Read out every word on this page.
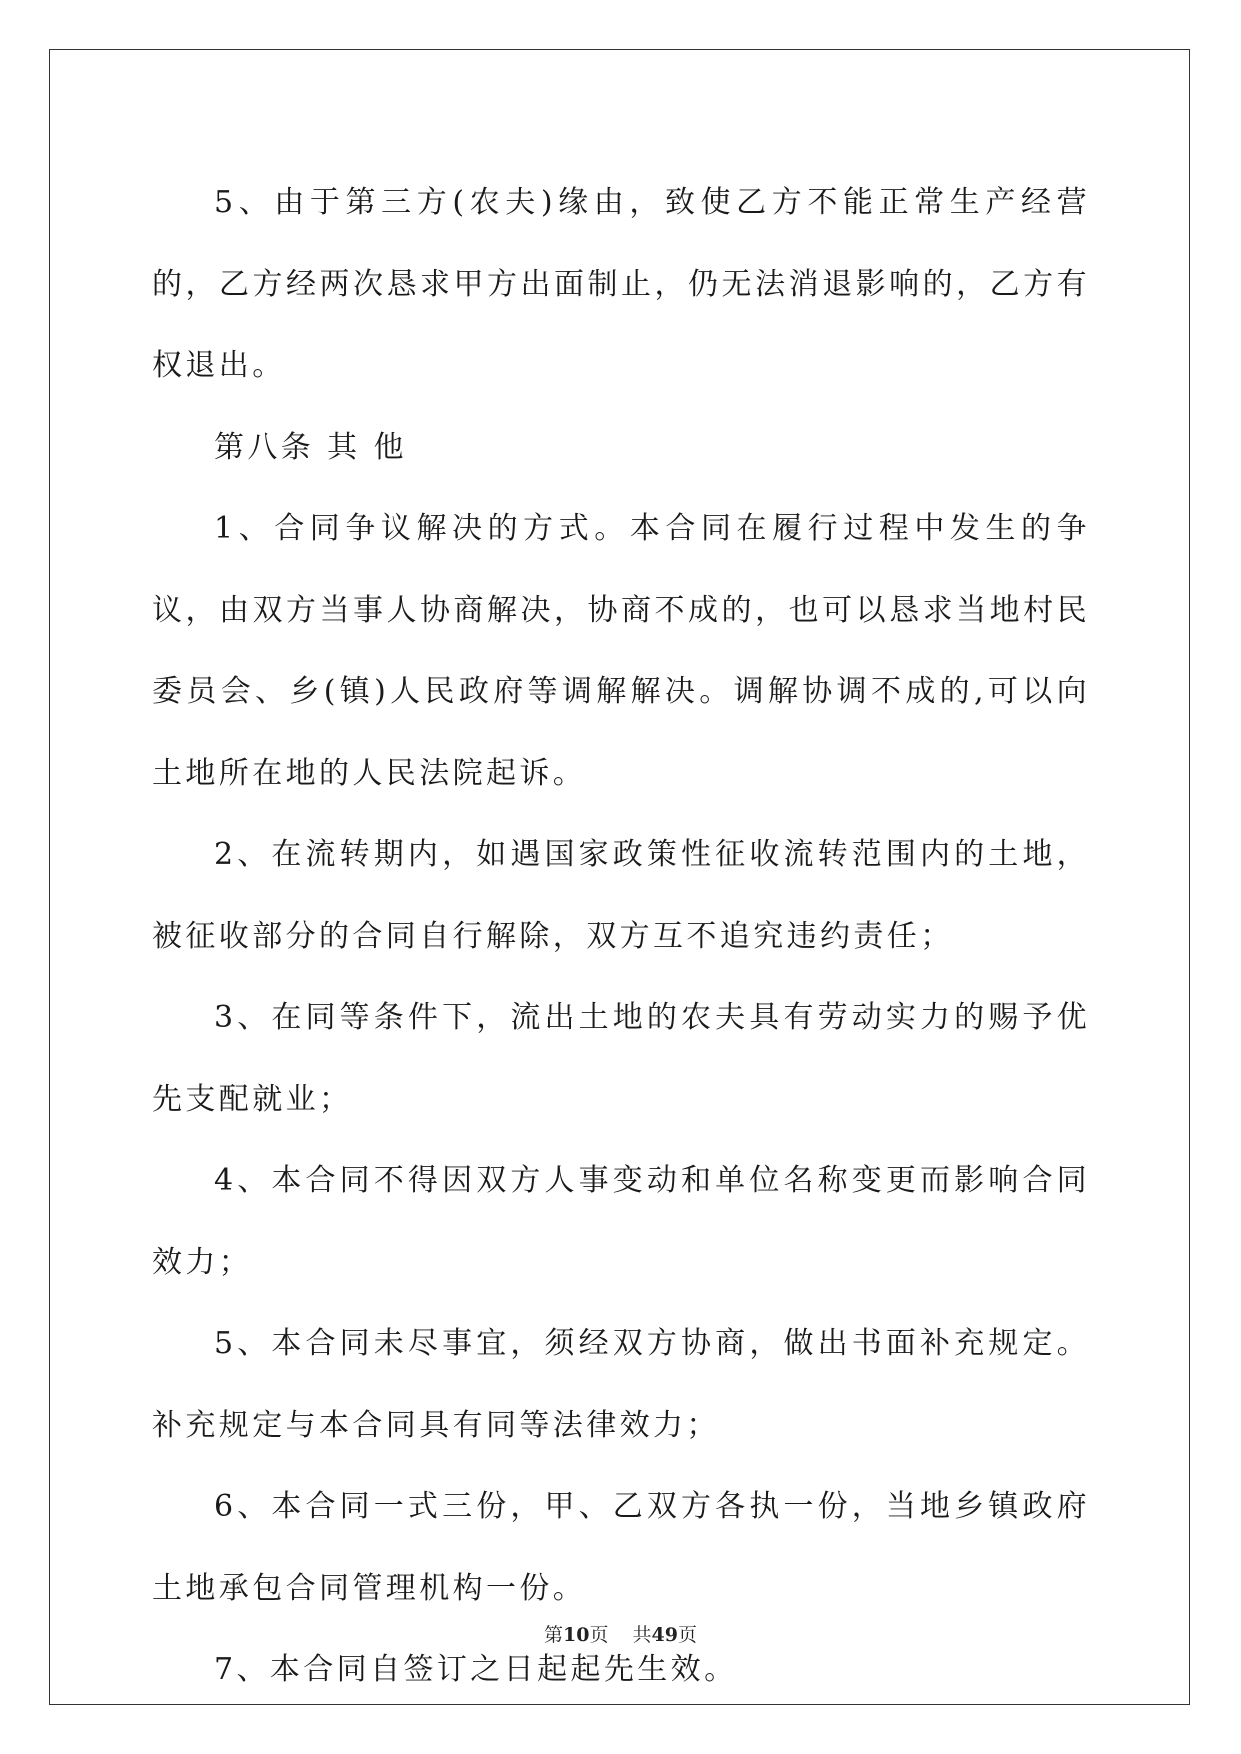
5、由于第三方(农夫)缘由，致使乙方不能正常生产经营的，乙方经两次恳求甲方出面制止，仍无法消退影响的，乙方有权退出。

第八条 其 他

1、合同争议解决的方式。本合同在履行过程中发生的争议，由双方当事人协商解决，协商不成的，也可以恳求当地村民委员会、乡(镇)人民政府等调解解决。调解协调不成的,可以向土地所在地的人民法院起诉。

2、在流转期内，如遇国家政策性征收流转范围内的土地，被征收部分的合同自行解除，双方互不追究违约责任；

3、在同等条件下，流出土地的农夫具有劳动实力的赐予优先支配就业；

4、本合同不得因双方人事变动和单位名称变更而影响合同效力；

5、本合同未尽事宜，须经双方协商，做出书面补充规定。补充规定与本合同具有同等法律效力；

6、本合同一式三份，甲、乙双方各执一份，当地乡镇政府土地承包合同管理机构一份。

7、本合同自签订之日起起先生效。

第10页 共49页
